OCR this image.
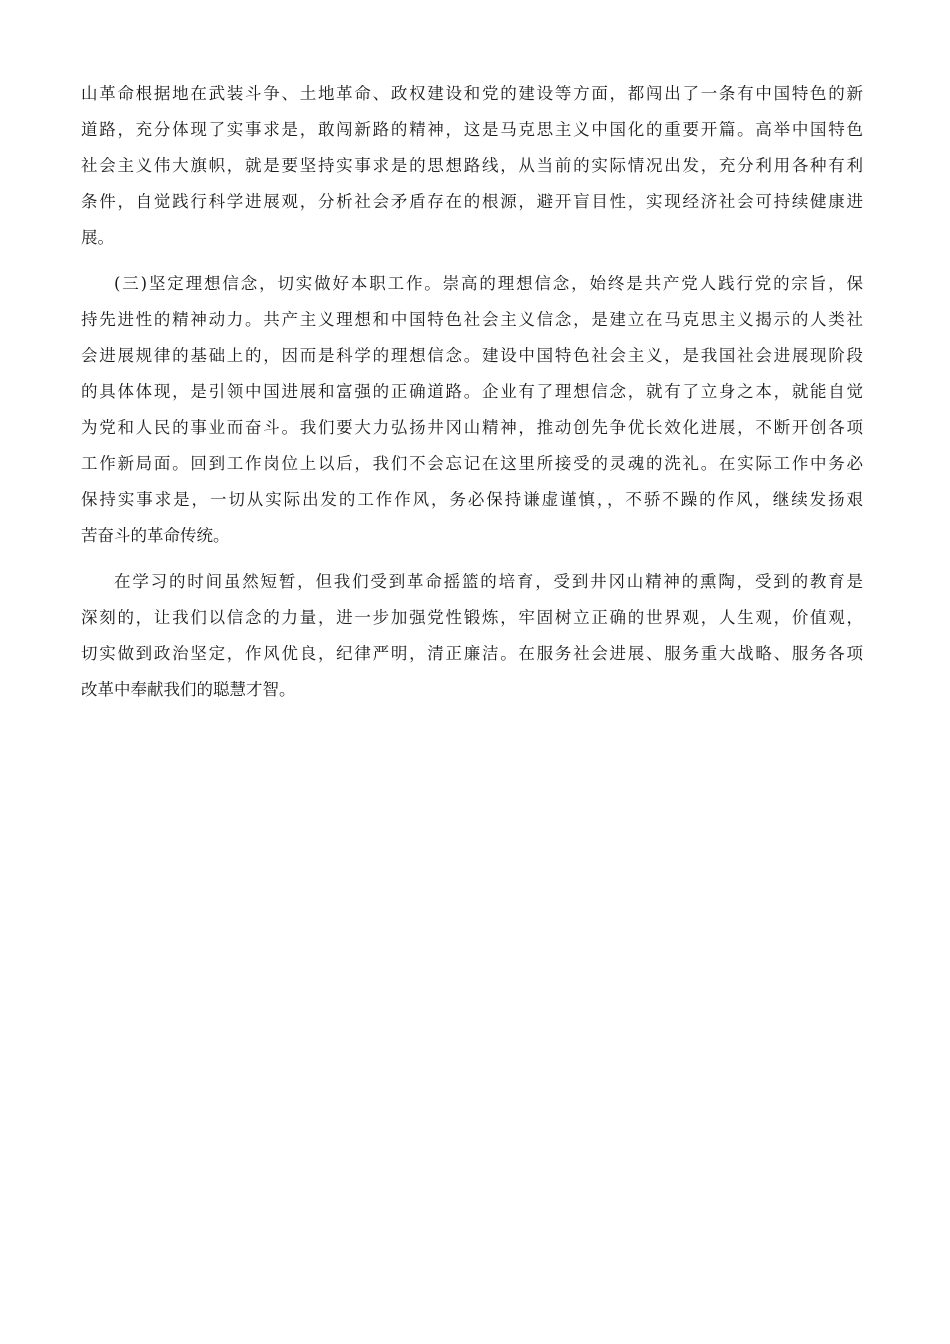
山革命根据地在武装斗争、土地革命、政权建设和党的建设等方面，都闯出了一条有中国特色的新
道路，充分体现了实事求是，敢闯新路的精神，这是马克思主义中国化的重要开篇。高举中国特色
社会主义伟大旗帜，就是要坚持实事求是的思想路线，从当前的实际情况出发，充分利用各种有利
条件，自觉践行科学进展观，分析社会矛盾存在的根源，避开盲目性，实现经济社会可持续健康进
展。
(三)坚定理想信念，切实做好本职工作。崇高的理想信念，始终是共产党人践行党的宗旨，保
持先进性的精神动力。共产主义理想和中国特色社会主义信念，是建立在马克思主义揭示的人类社
会进展规律的基础上的，因而是科学的理想信念。建设中国特色社会主义，是我国社会进展现阶段
的具体体现，是引领中国进展和富强的正确道路。企业有了理想信念，就有了立身之本，就能自觉
为党和人民的事业而奋斗。我们要大力弘扬井冈山精神，推动创先争优长效化进展，不断开创各项
工作新局面。回到工作岗位上以后，我们不会忘记在这里所接受的灵魂的洗礼。在实际工作中务必
保持实事求是，一切从实际出发的工作作风，务必保持谦虚谨慎，，不骄不躁的作风，继续发扬艰
苦奋斗的革命传统。
在学习的时间虽然短暂，但我们受到革命摇篮的培育，受到井冈山精神的熏陶，受到的教育是
深刻的，让我们以信念的力量，进一步加强党性锻炼，牢固树立正确的世界观，人生观，价值观，
切实做到政治坚定，作风优良，纪律严明，清正廉洁。在服务社会进展、服务重大战略、服务各项
改革中奉献我们的聪慧才智。
